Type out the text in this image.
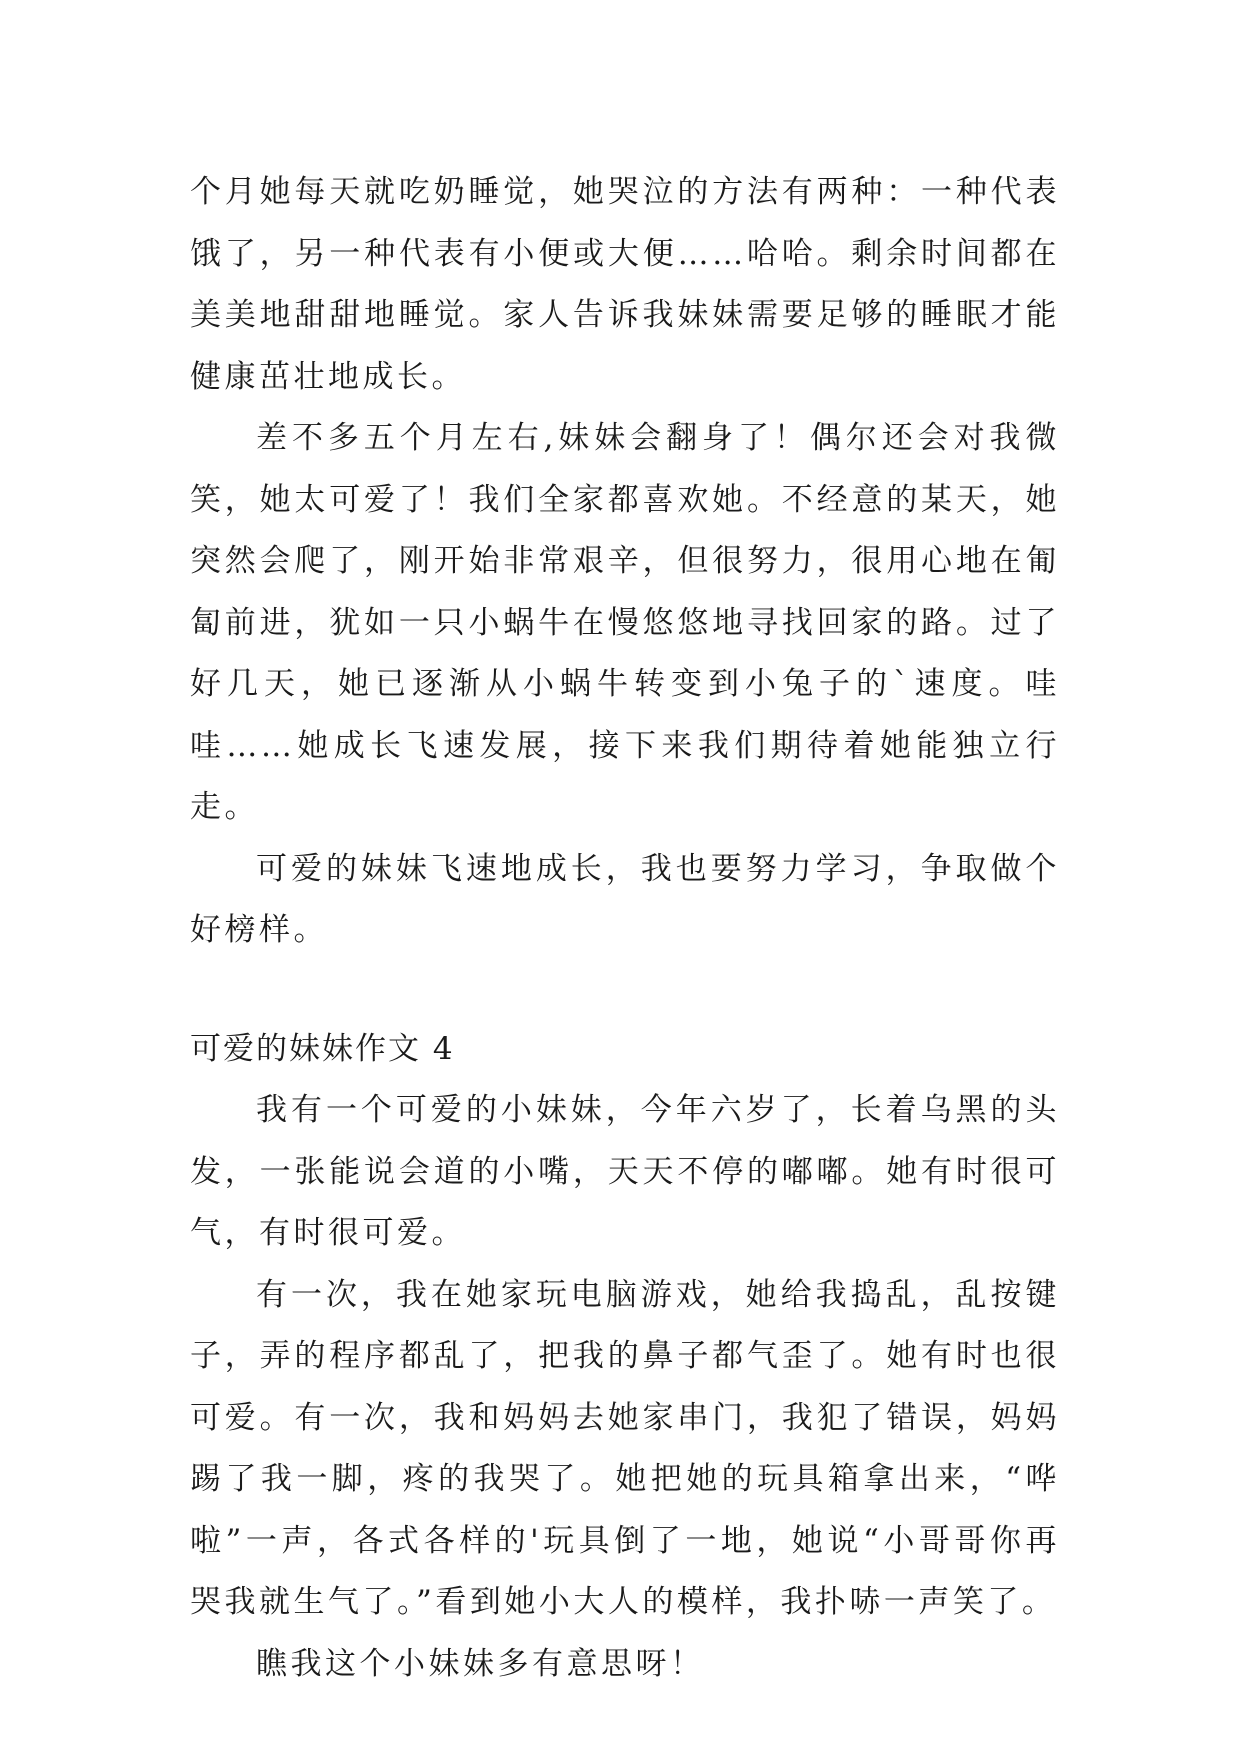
个月她每天就吃奶睡觉，她哭泣的方法有两种：一种代表饿了，另一种代表有小便或大便……哈哈。剩余时间都在美美地甜甜地睡觉。家人告诉我妹妹需要足够的睡眠才能健康茁壮地成长。

差不多五个月左右,妹妹会翻身了！偶尔还会对我微笑，她太可爱了！我们全家都喜欢她。不经意的某天，她突然会爬了，刚开始非常艰辛，但很努力，很用心地在匍匐前进，犹如一只小蜗牛在慢悠悠地寻找回家的路。过了好几天，她已逐渐从小蜗牛转变到小兔子的`速度。哇哇……她成长飞速发展，接下来我们期待着她能独立行走。

可爱的妹妹飞速地成长，我也要努力学习，争取做个好榜样。

可爱的妹妹作文 4

我有一个可爱的小妹妹，今年六岁了，长着乌黑的头发，一张能说会道的小嘴，天天不停的嘟嘟。她有时很可气，有时很可爱。

有一次，我在她家玩电脑游戏，她给我捣乱，乱按键子，弄的程序都乱了，把我的鼻子都气歪了。她有时也很可爱。有一次，我和妈妈去她家串门，我犯了错误，妈妈踢了我一脚，疼的我哭了。她把她的玩具箱拿出来，“哗啦”一声，各式各样的'玩具倒了一地，她说“小哥哥你再哭我就生气了。”看到她小大人的模样，我扑哧一声笑了。

瞧我这个小妹妹多有意思呀！
